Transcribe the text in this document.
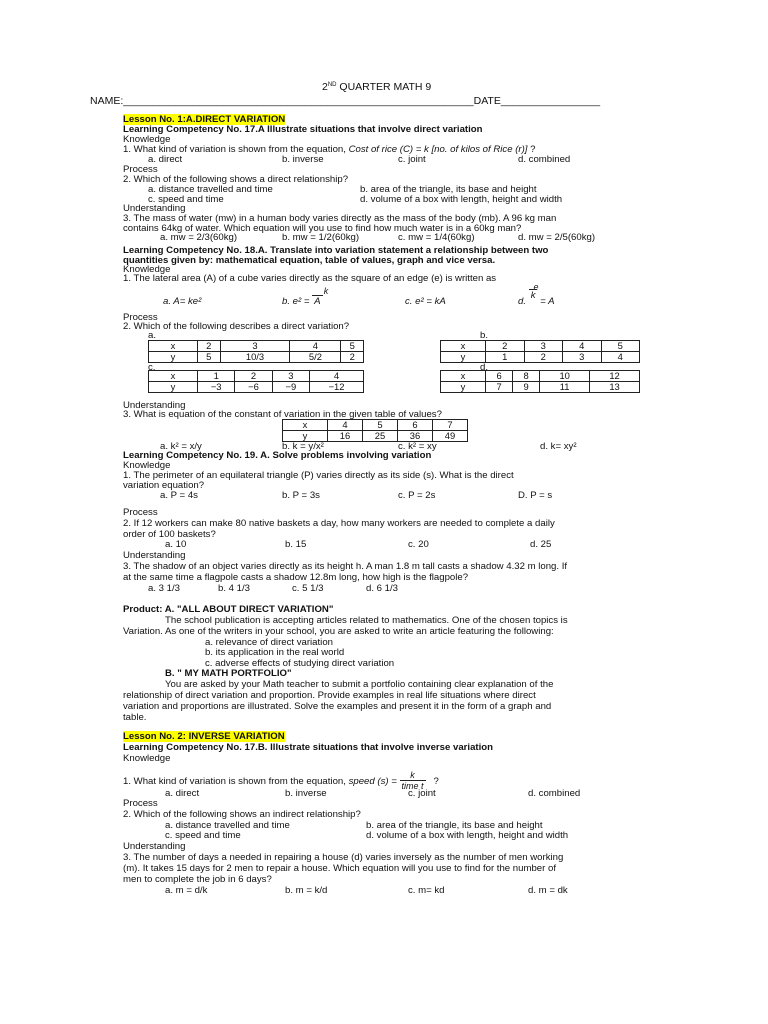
2ND QUARTER MATH 9
NAME:____________________________________________________________DATE_________________
Lesson No. 1:A.DIRECT VARIATION
Learning Competency No. 17.A Illustrate situations that involve direct variation
Knowledge
1. What kind of variation is shown from the equation, Cost of rice (C) = k [no. of kilos of Rice (r)] ?
a. direct	b. inverse	c. joint	d. combined
Process
2. Which of the following shows a direct relationship?
a. distance travelled and time	b. area of the triangle, its base and height
c. speed and time	d. volume of a box with length, height and width
Understanding
3. The mass of water (mw) in a human body varies directly as the mass of the body (mb). A 96 kg man
contains 64kg of water. Which equation will you use to find how much water is in a 60kg man?
a. mw = 2/3(60kg)	b. mw = 1/2(60kg)	c. mw = 1/4(60kg)	d. mw = 2/5(60kg)
Learning Competency No. 18.A. Translate into variation statement a relationship between two
quantities given by: mathematical equation, table of values, graph and vice versa.
Knowledge
1. The lateral area (A) of a cube varies directly as the square of an edge (e) is written as
k	e
a. A= ke²	b. e² = A	c. e² = kA	d. k = A
Process
2. Which of the following describes a direct variation?
a.	b.
x	2	3	4	5
y	5	10/3	5/2	2
x	2	3	4	5
y	1	2	3	4
c.	d.
x	1	2	3	4
y	−3	−6	−9	−12
x	6	8	10	12
y	7	9	11	13
Understanding
3. What is equation of the constant of variation in the given table of values?
x	4	5	6	7
y	16	25	36	49
a. k² = x/y	b. k = y/x²	c. k² = xy	d. k= xy²
Learning Competency No. 19. A. Solve problems involving variation
Knowledge
1. The perimeter of an equilateral triangle (P) varies directly as its side (s). What is the direct
variation equation?
a. P = 4s	b. P = 3s	c. P = 2s	D. P = s
Process
2. If 12 workers can make 80 native baskets a day, how many workers are needed to complete a daily
order of 100 baskets?
a. 10	b. 15	c. 20	d. 25
Understanding
3. The shadow of an object varies directly as its height h. A man 1.8 m tall casts a shadow 4.32 m long. If
at the same time a flagpole casts a shadow 12.8m long, how high is the flagpole?
a. 3 1/3	b. 4 1/3	c. 5 1/3	d. 6 1/3
Product: A. "ALL ABOUT DIRECT VARIATION"
The school publication is accepting articles related to mathematics. One of the chosen topics is
Variation. As one of the writers in your school, you are asked to write an article featuring the following:
a. relevance of direct variation
b. its application in the real world
c. adverse effects of studying direct variation
B. " MY MATH PORTFOLIO"
You are asked by your Math teacher to submit a portfolio containing clear explanation of the
relationship of direct variation and proportion. Provide examples in real life situations where direct
variation and proportions are illustrated. Solve the examples and present it in the form of a graph and
table.
Lesson No. 2: INVERSE VARIATION
Learning Competency No. 17.B. Illustrate situations that involve inverse variation
Knowledge
1. What kind of variation is shown from the equation, speed $(s) = \frac{k}{\text{time t}}$ ?
a. direct	b. inverse	c. joint	d. combined
Process
2. Which of the following shows an indirect relationship?
a. distance travelled and time	b. area of the triangle, its base and height
c. speed and time	d. volume of a box with length, height and width
Understanding
3. The number of days a needed in repairing a house (d) varies inversely as the number of men working
(m). It takes 15 days for 2 men to repair a house. Which equation will you use to find for the number of
men to complete the job in 6 days?
a. m = d/k	b. m = k/d	c. m= kd	d. m = dk
